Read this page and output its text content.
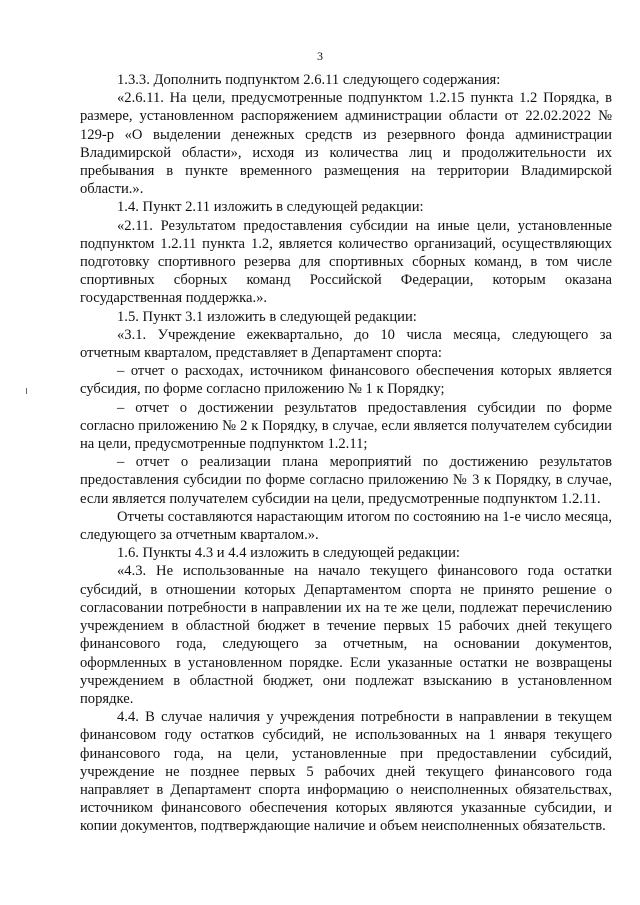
3

1.3.3. Дополнить подпунктом 2.6.11 следующего содержания:

«2.6.11. На цели, предусмотренные подпунктом 1.2.15 пункта 1.2 Порядка, в размере, установленном распоряжением администрации области от 22.02.2022 № 129-р «О выделении денежных средств из резервного фонда администрации Владимирской области», исходя из количества лиц и продолжительности их пребывания в пункте временного размещения на территории Владимирской области.».

1.4. Пункт 2.11 изложить в следующей редакции:

«2.11. Результатом предоставления субсидии на иные цели, установленные подпунктом 1.2.11 пункта 1.2, является количество организаций, осуществляющих подготовку спортивного резерва для спортивных сборных команд, в том числе спортивных сборных команд Российской Федерации, которым оказана государственная поддержка.».

1.5. Пункт 3.1 изложить в следующей редакции:

«3.1. Учреждение ежеквартально, до 10 числа месяца, следующего за отчетным кварталом, представляет в Департамент спорта:

– отчет о расходах, источником финансового обеспечения которых является субсидия, по форме согласно приложению № 1 к Порядку;

– отчет о достижении результатов предоставления субсидии по форме согласно приложению № 2 к Порядку, в случае, если является получателем субсидии на цели, предусмотренные подпунктом 1.2.11;

– отчет о реализации плана мероприятий по достижению результатов предоставления субсидии по форме согласно приложению № 3 к Порядку, в случае, если является получателем субсидии на цели, предусмотренные подпунктом 1.2.11.

Отчеты составляются нарастающим итогом по состоянию на 1-е число месяца, следующего за отчетным кварталом.».

1.6. Пункты 4.3 и 4.4 изложить в следующей редакции:

«4.3. Не использованные на начало текущего финансового года остатки субсидий, в отношении которых Департаментом спорта не принято решение о согласовании потребности в направлении их на те же цели, подлежат перечислению учреждением в областной бюджет в течение первых 15 рабочих дней текущего финансового года, следующего за отчетным, на основании документов, оформленных в установленном порядке. Если указанные остатки не возвращены учреждением в областной бюджет, они подлежат взысканию в установленном порядке.

4.4. В случае наличия у учреждения потребности в направлении в текущем финансовом году остатков субсидий, не использованных на 1 января текущего финансового года, на цели, установленные при предоставлении субсидий, учреждение не позднее первых 5 рабочих дней текущего финансового года направляет в Департамент спорта информацию о неисполненных обязательствах, источником финансового обеспечения которых являются указанные субсидии, и копии документов, подтверждающие наличие и объем неисполненных обязательств.
